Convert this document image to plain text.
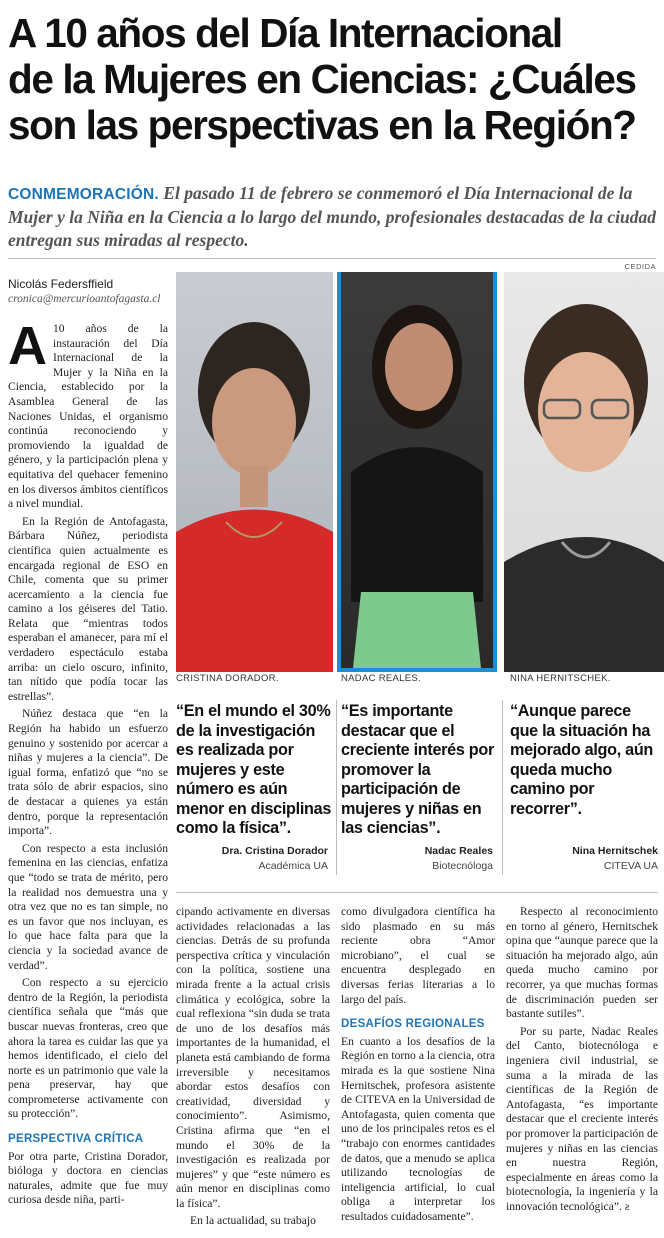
A 10 años del Día Internacional
de la Mujeres en Ciencias: ¿Cuáles
son las perspectivas en la Región?
CONMEMORACIÓN. El pasado 11 de febrero se conmemoró el Día Internacional de la Mujer y la Niña en la Ciencia a lo largo del mundo, profesionales destacadas de la ciudad entregan sus miradas al respecto.
Nicolás Federsffield
cronica@mercurioantofagasta.cl
CEDIDA
CRISTINA DORADOR.	NADAC REALES.	NINA HERNITSCHEK.
“En el mundo el 30% de la investigación es realizada por mujeres y este número es aún menor en disciplinas como la física”.
Dra. Cristina Dorador
Académica UA
“Es importante destacar que el creciente interés por promover la participación de mujeres y niñas en las ciencias”.
Nadac Reales
Biotecnóloga
“Aunque parece que la situación ha mejorado algo, aún queda mucho camino por recorrer”.
Nina Hernitschek
CITEVA UA

A 10 años de la instauración del Día Internacional de la Mujer y la Niña en la Ciencia, establecido por la Asamblea General de las Naciones Unidas, el organismo continúa reconociendo y promoviendo la igualdad de género, y la participación plena y equitativa del quehacer femenino en los diversos ámbitos científicos a nivel mundial.

En la Región de Antofagasta, Bárbara Núñez, periodista científica quien actualmente es encargada regional de ESO en Chile, comenta que su primer acercamiento a la ciencia fue camino a los géiseres del Tatio. Relata que “mientras todos esperaban el amanecer, para mí el verdadero espectáculo estaba arriba: un cielo oscuro, infinito, tan nítido que podía tocar las estrellas”.

Núñez destaca que “en la Región ha habido un esfuerzo genuino y sostenido por acercar a niñas y mujeres a la ciencia”. De igual forma, enfatizó que “no se trata sólo de abrir espacios, sino de destacar a quienes ya están dentro, porque la representación importa”.

Con respecto a esta inclusión femenina en las ciencias, enfatiza que “todo se trata de mérito, pero la realidad nos demuestra una y otra vez que no es tan simple, no es un favor que nos incluyan, es lo que hace falta para que la ciencia y la sociedad avance de verdad”.

Con respecto a su ejercicio dentro de la Región, la periodista científica señala que “más que buscar nuevas fronteras, creo que ahora la tarea es cuidar las que ya hemos identificado, el cielo del norte es un patrimonio que vale la pena preservar, hay que comprometerse activamente con su protección”.

PERSPECTIVA CRÍTICA

Por otra parte, Cristina Dorador, bióloga y doctora en ciencias naturales, admite que fue muy curiosa desde niña, parti-

cipando activamente en diversas actividades relacionadas a las ciencias. Detrás de su profunda perspectiva crítica y vinculación con la política, sostiene una mirada frente a la actual crisis climática y ecológica, sobre la cual reflexiona “sin duda se trata de uno de los desafíos más importantes de la humanidad, el planeta está cambiando de forma irreversible y necesitamos abordar estos desafíos con creatividad, diversidad y conocimiento”. Asimismo, Cristina afirma que “en el mundo el 30% de la investigación es realizada por mujeres” y que “este número es aún menor en disciplinas como la física”.

En la actualidad, su trabajo

como divulgadora científica ha sido plasmado en su más reciente obra “Amor microbiano”, el cual se encuentra desplegado en diversas ferias literarias a lo largo del país.

DESAFÍOS REGIONALES

En cuanto a los desafíos de la Región en torno a la ciencia, otra mirada es la que sostiene Nina Hernitschek, profesora asistente de CITEVA en la Universidad de Antofagasta, quien comenta que uno de los principales retos es el “trabajo con enormes cantidades de datos, que a menudo se aplica utilizando tecnologías de inteligencia artificial, lo cual obliga a interpretar los resultados cuidadosamente”.

Respecto al reconocimiento en torno al género, Hernitschek opina que “aunque parece que la situación ha mejorado algo, aún queda mucho camino por recorrer, ya que muchas formas de discriminación pueden ser bastante sutiles”.

Por su parte, Nadac Reales del Canto, biotecnóloga e ingeniera civil industrial, se suma a la mirada de las científicas de la Región de Antofagasta, “es importante destacar que el creciente interés por promover la participación de mujeres y niñas en las ciencias en nuestra Región, especialmente en áreas como la biotecnología, la ingeniería y la innovación tecnológica”. ƨ
